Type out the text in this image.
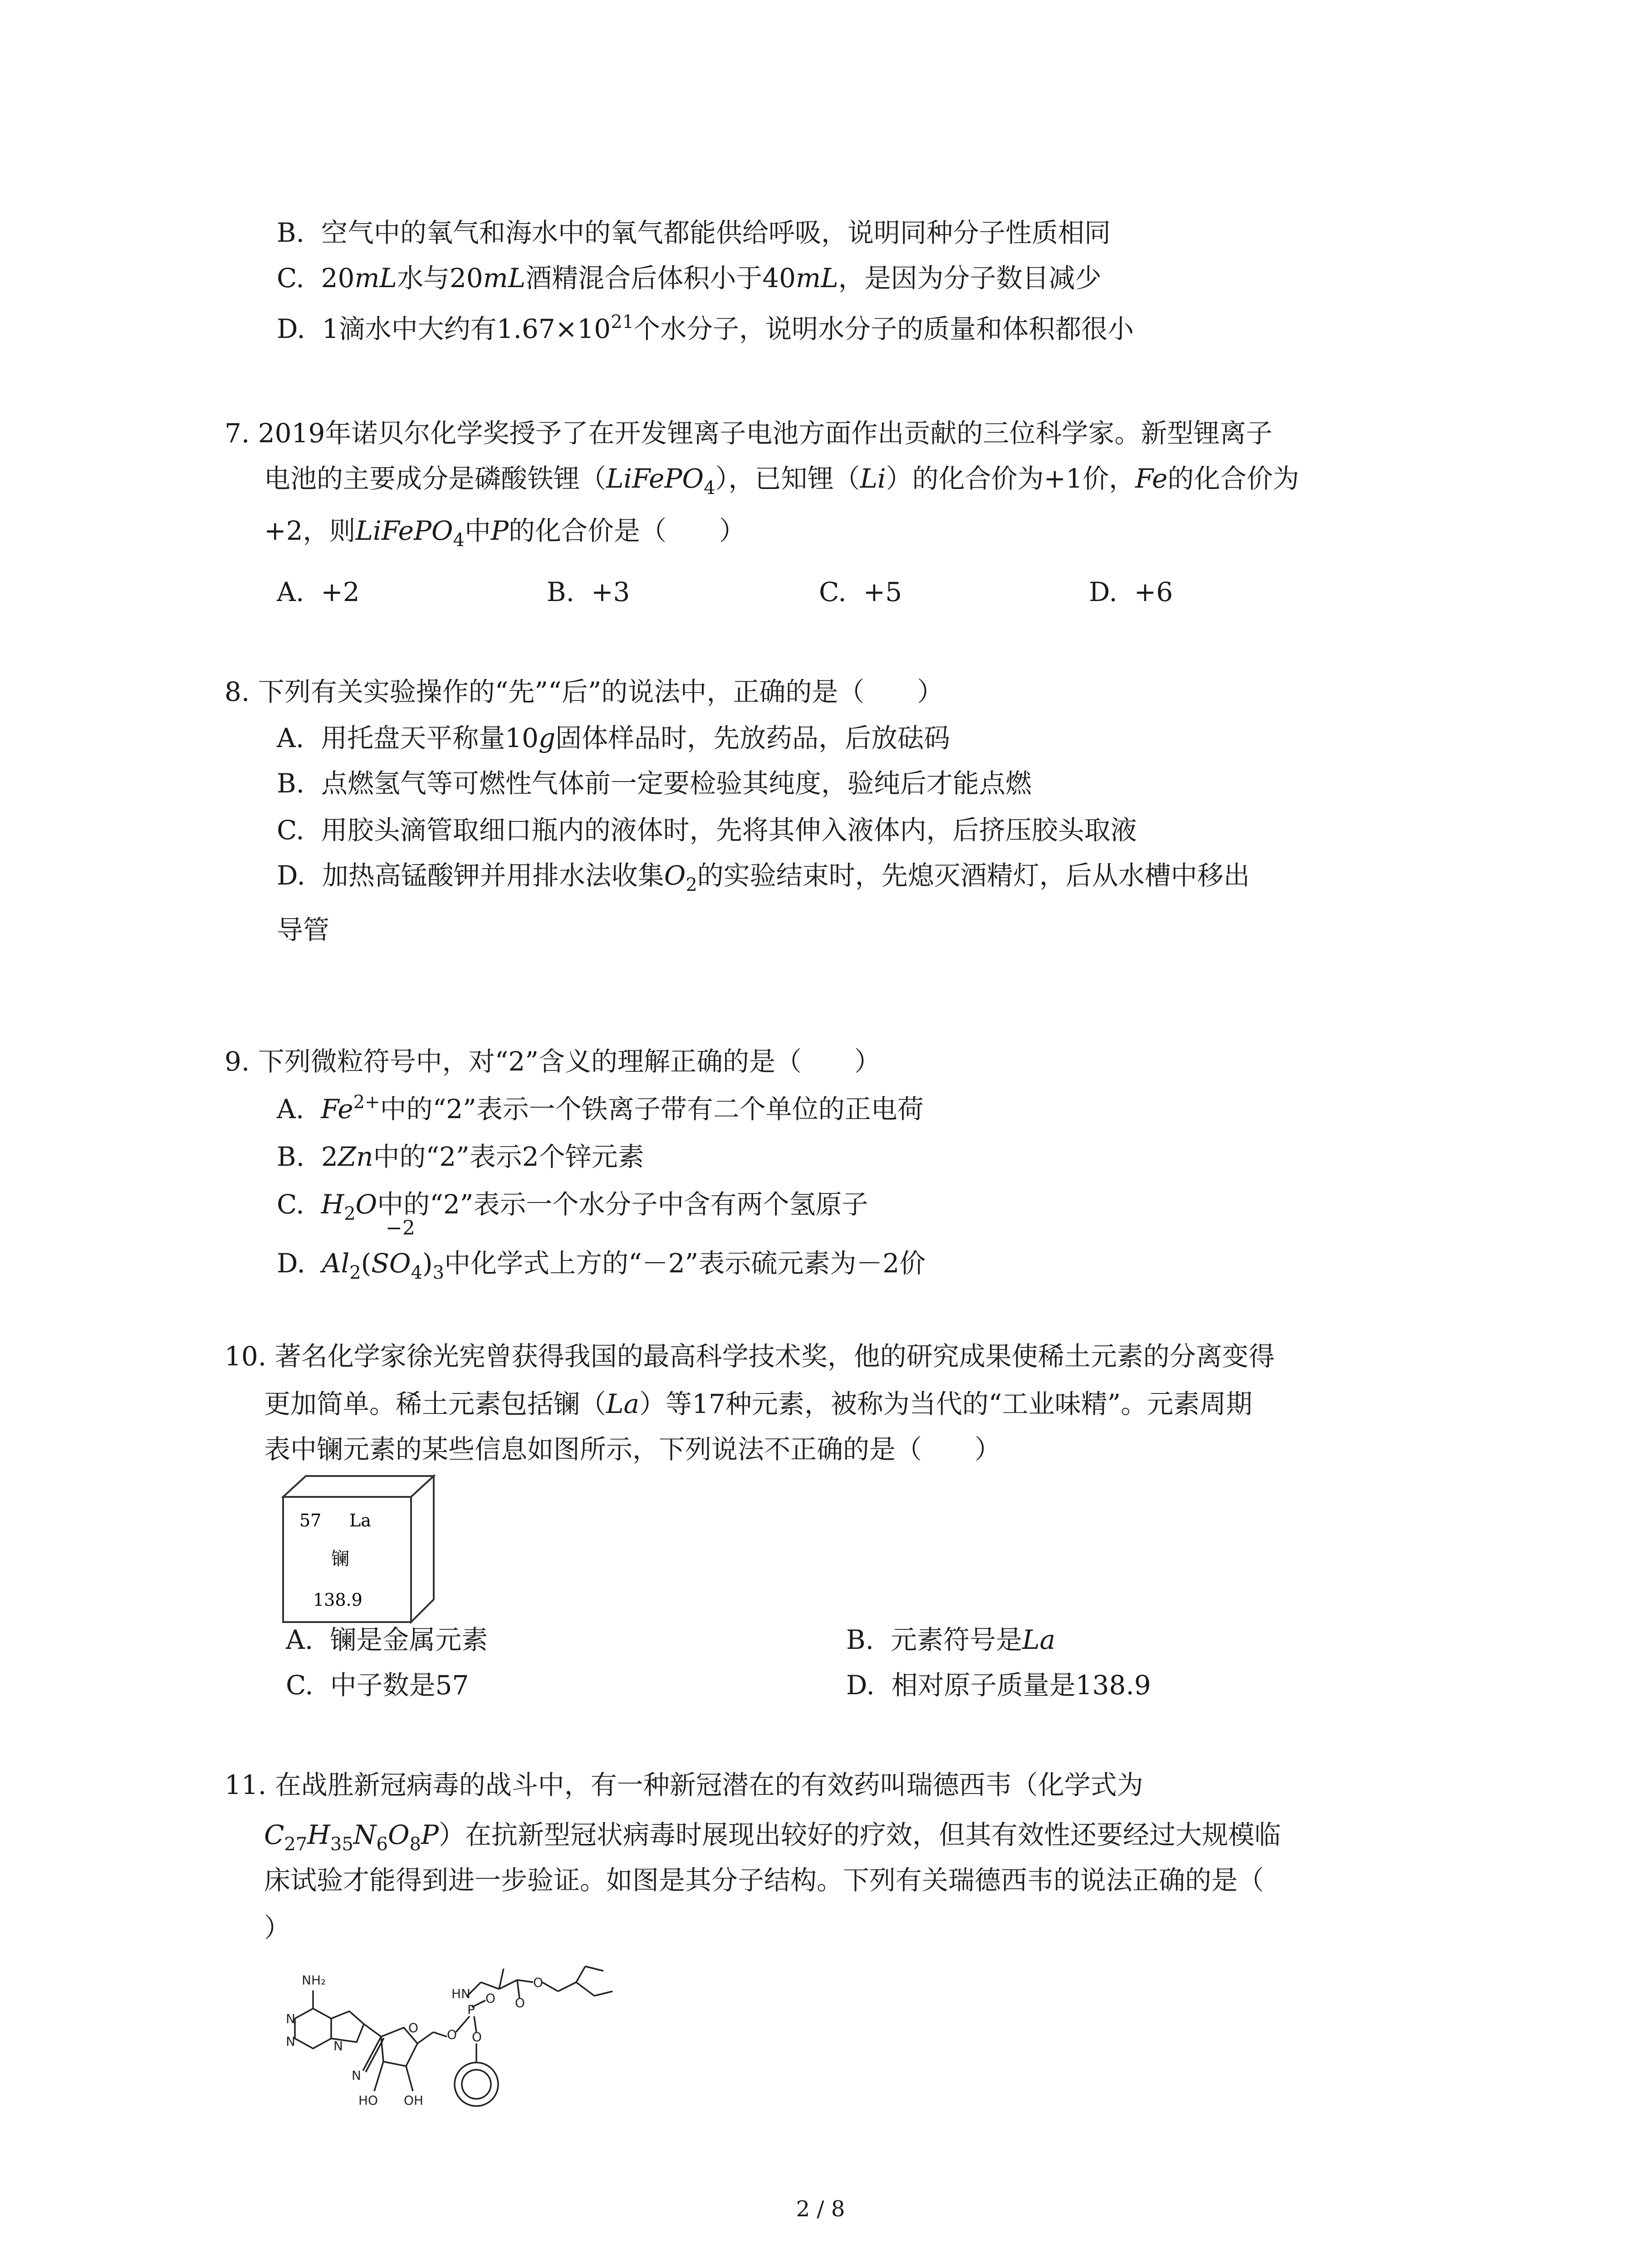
B. 空气中的氧气和海水中的氧气都能供给呼吸，说明同种分子性质相同
C. 20mL水与20mL酒精混合后体积小于40mL，是因为分子数目减少
D. 1滴水中大约有$1.67\times 10^{21}$个水分子，说明水分子的质量和体积都很小
7. 2019年诺贝尔化学奖授予了在开发锂离子电池方面作出贡献的三位科学家。新型锂离子
电池的主要成分是磷酸铁锂（LiFePO$_4$），已知锂（Li）的化合价为+1价，Fe的化合价为
+2，则LiFePO$_4$中P的化合价是（　　）
A. +2	B. +3	C. +5	D. +6
8. 下列有关实验操作的“先”“后”的说法中，正确的是（　　）
A. 用托盘天平称量10g固体样品时，先放药品，后放砝码
B. 点燃氢气等可燃性气体前一定要检验其纯度，验纯后才能点燃
C. 用胶头滴管取细口瓶内的液体时，先将其伸入液体内，后挤压胶头取液
D. 加热高锰酸钾并用排水法收集$O_2$的实验结束时，先熄灭酒精灯，后从水槽中移出
导管
9. 下列微粒符号中，对“2”含义的理解正确的是（　　）
A. $Fe^{2+}$中的“2”表示一个铁离子带有二个单位的正电荷
B. 2Zn中的“2”表示2个锌元素
C. $H_2O$中的“2”表示一个水分子中含有两个氢原子
−2
D. $Al_2(SO_4)_3$中化学式上方的“－2”表示硫元素为－2价
10. 著名化学家徐光宪曾获得我国的最高科学技术奖，他的研究成果使稀土元素的分离变得
更加简单。稀土元素包括镧（La）等17种元素，被称为当代的“工业味精”。元素周期
表中镧元素的某些信息如图所示，下列说法不正确的是（　　）
57 La
镧
138.9
A. 镧是金属元素	B. 元素符号是La
C. 中子数是57	D. 相对原子质量是138.9
11. 在战胜新冠病毒的战斗中，有一种新冠潜在的有效药叫瑞德西韦（化学式为
$C_{27}H_{35}N_6O_8P$）在抗新型冠状病毒时展现出较好的疗效，但其有效性还要经过大规模临
床试验才能得到进一步验证。如图是其分子结构。下列有关瑞德西韦的说法正确的是（
）
NH₂
N
N	N
HN
P
O
O
O
O
O
O
N
HO OH
2 / 8
